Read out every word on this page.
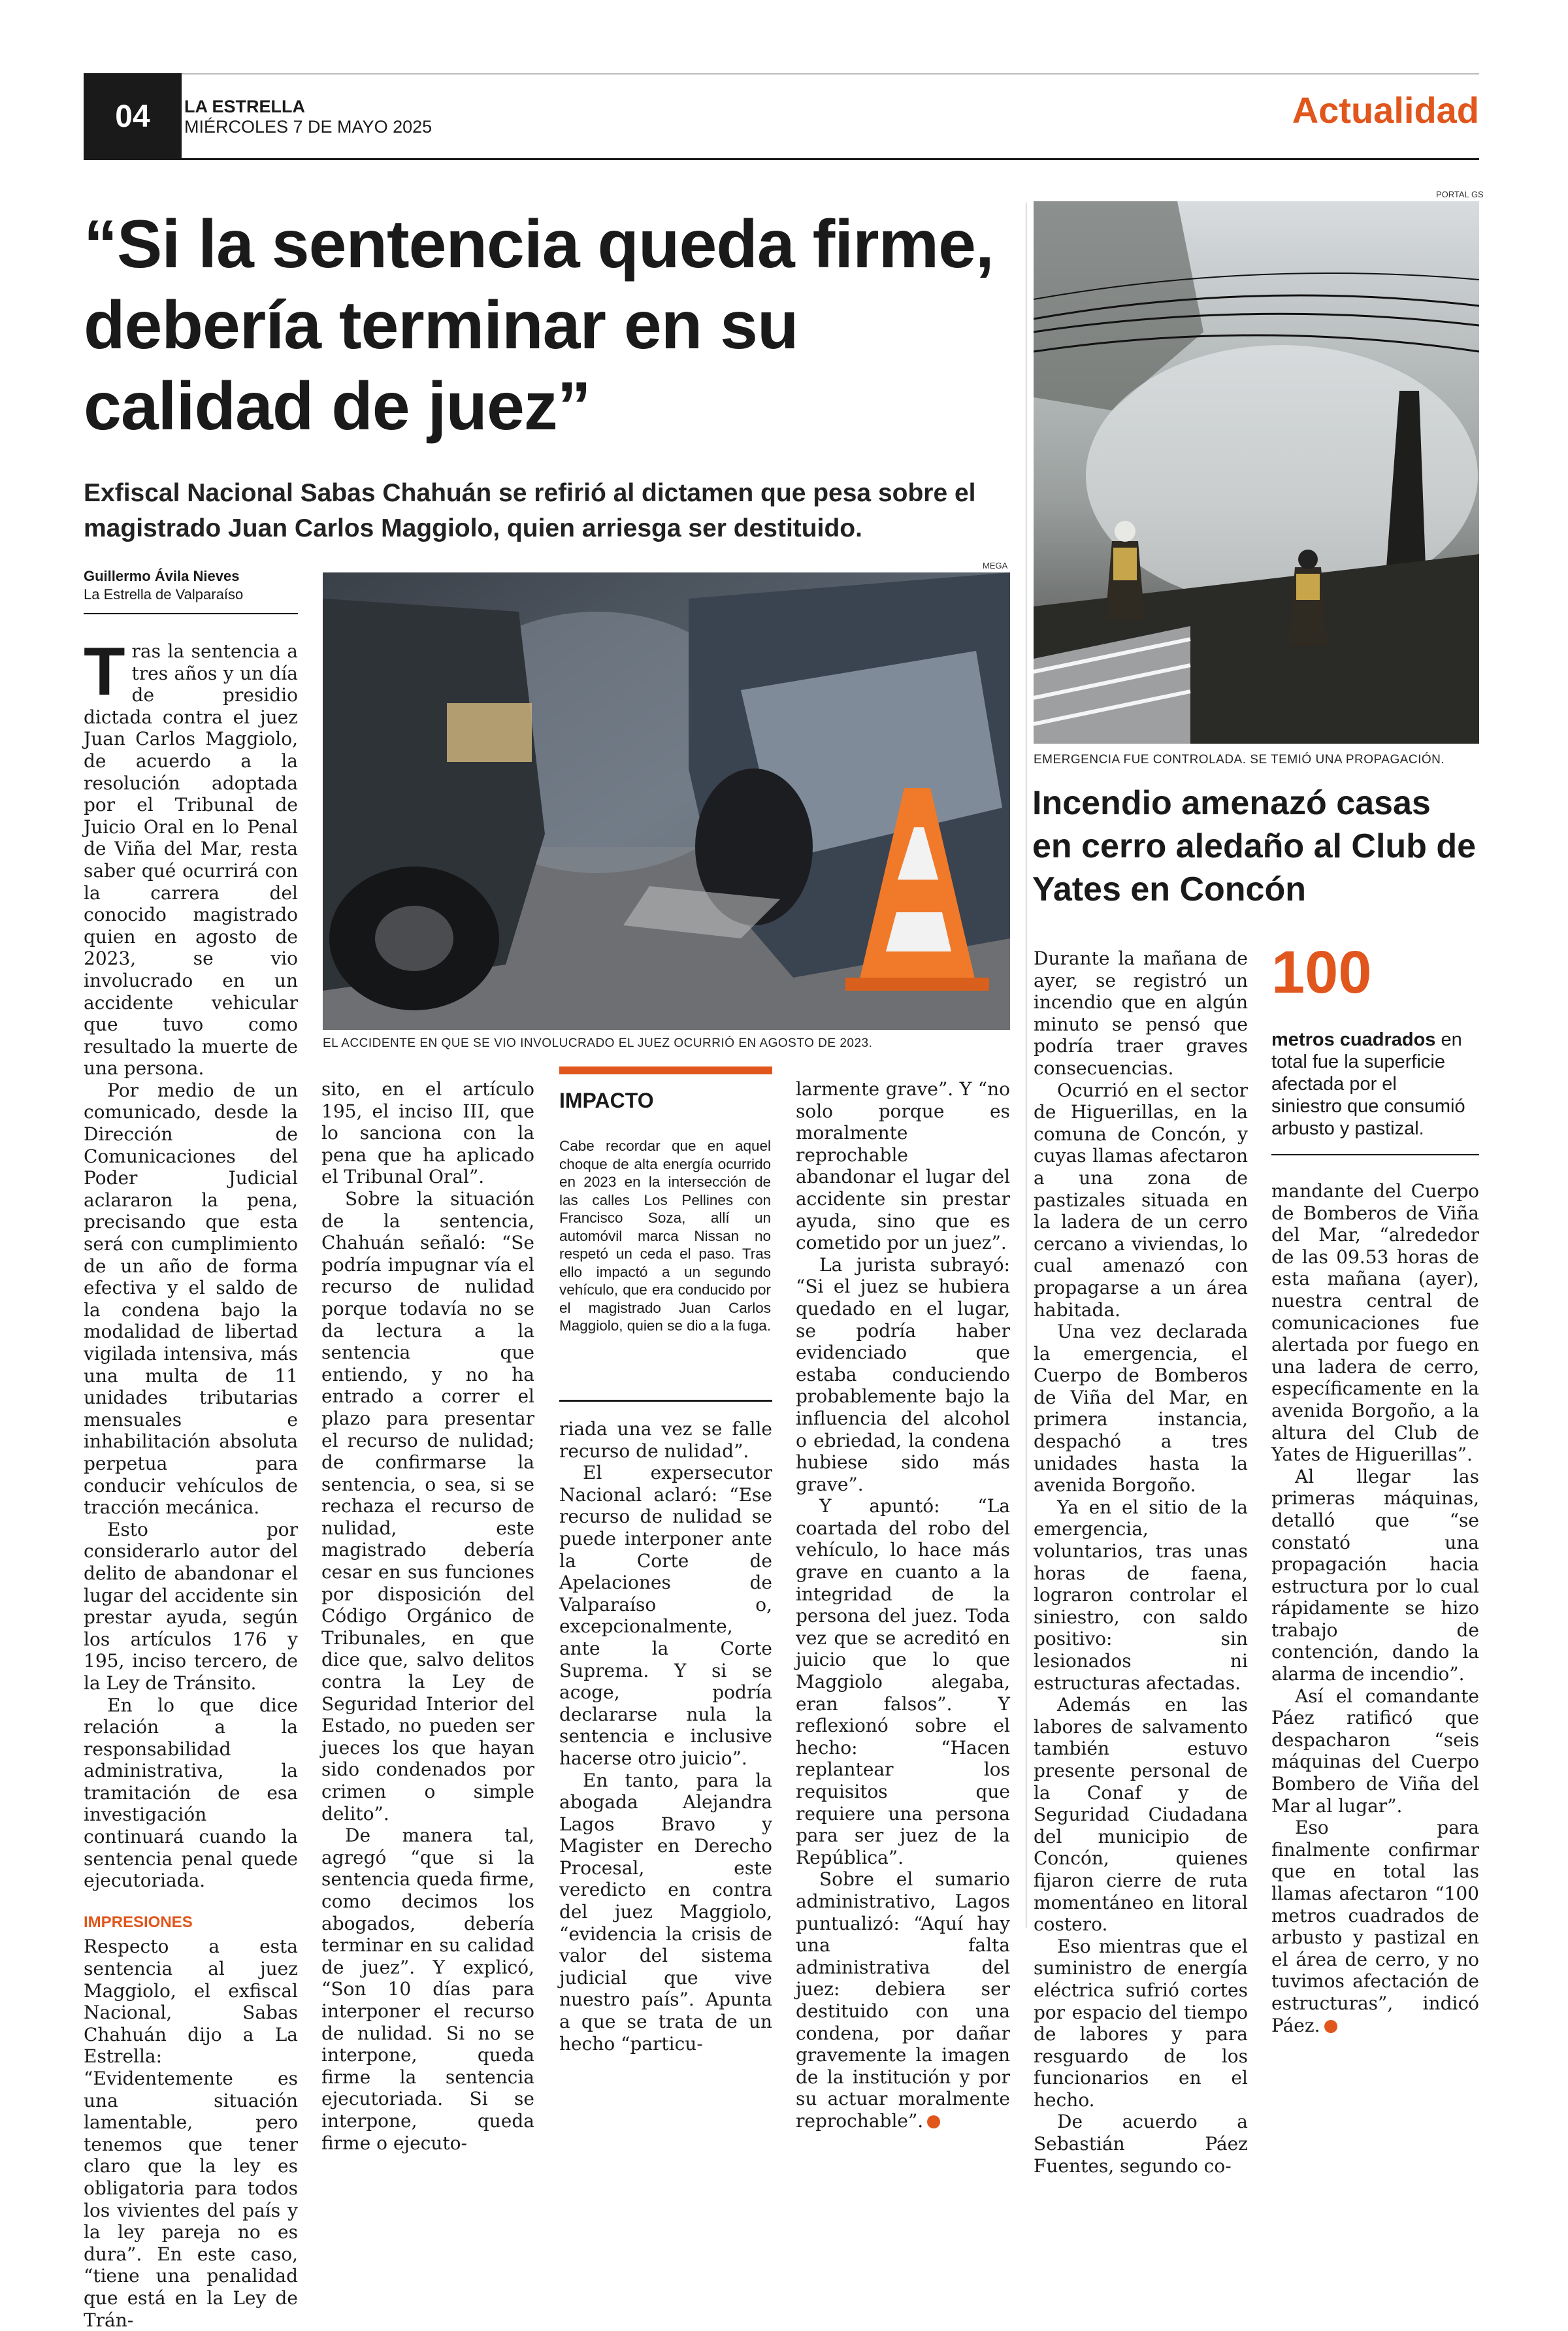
04	LA ESTRELLA
MIÉRCOLES 7 DE MAYO 2025	Actualidad
“Si la sentencia queda firme, debería terminar en su calidad de juez”

Exfiscal Nacional Sabas Chahuán se refirió al dictamen que pesa sobre el magistrado Juan Carlos Maggiolo, quien arriesga ser destituido.

Guillermo Ávila Nieves
La Estrella de Valparaíso
MEGA
EL ACCIDENTE EN QUE SE VIO INVOLUCRADO EL JUEZ OCURRIÓ EN AGOSTO DE 2023.
T ras la sentencia a tres años y un día de presidio dictada contra el juez Juan Carlos Maggiolo, de acuerdo a la resolución adoptada por el Tribunal de Juicio Oral en lo Penal de Viña del Mar, resta saber qué ocurrirá con la carrera del conocido magistrado quien en agosto de 2023, se vio involucrado en un accidente vehicular que tuvo como resultado la muerte de una persona.

Por medio de un comunicado, desde la Dirección de Comunicaciones del Poder Judicial aclararon la pena, precisando que esta será con cumplimiento de un año de forma efectiva y el saldo de la condena bajo la modalidad de libertad vigilada intensiva, más una multa de 11 unidades tributarias mensuales e inhabilitación absoluta perpetua para conducir vehículos de tracción mecánica.

Esto por considerarlo autor del delito de abandonar el lugar del accidente sin prestar ayuda, según los artículos 176 y 195, inciso tercero, de la Ley de Tránsito.

En lo que dice relación a la responsabilidad administrativa, la tramitación de esa investigación continuará cuando la sentencia penal quede ejecutoriada.

IMPRESIONES

Respecto a esta sentencia al juez Maggiolo, el exfiscal Nacional, Sabas Chahuán dijo a La Estrella: “Evidentemente es una situación lamentable, pero tenemos que tener claro que la ley es obligatoria para todos los vivientes del país y la ley pareja no es dura”. En este caso, “tiene una penalidad que está en la Ley de Trán-

sito, en el artículo 195, el inciso III, que lo sanciona con la pena que ha aplicado el Tribunal Oral”.

Sobre la situación de la sentencia, Chahuán señaló: “Se podría impugnar vía el recurso de nulidad porque todavía no se da lectura a la sentencia que entiendo, y no ha entrado a correr el plazo para presentar el recurso de nulidad; de confirmarse la sentencia, o sea, si se rechaza el recurso de nulidad, este magistrado debería cesar en sus funciones por disposición del Código Orgánico de Tribunales, en que dice que, salvo delitos contra la Ley de Seguridad Interior del Estado, no pueden ser jueces los que hayan sido condenados por crimen o simple delito”.

De manera tal, agregó “que si la sentencia queda firme, como decimos los abogados, debería terminar en su calidad de juez”. Y explicó, “Son 10 días para interponer el recurso de nulidad. Si no se interpone, queda firme la sentencia ejecutoriada. Si se interpone, queda firme o ejecuto-

IMPACTO
Cabe recordar que en aquel choque de alta energía ocurrido en 2023 en la intersección de las calles Los Pellines con Francisco Soza, allí un automóvil marca Nissan no respetó un ceda el paso. Tras ello impactó a un segundo vehículo, que era conducido por el magistrado Juan Carlos Maggiolo, quien se dio a la fuga.

riada una vez se falle recurso de nulidad”.

El expersecutor Nacional aclaró: “Ese recurso de nulidad se puede interponer ante la Corte de Apelaciones de Valparaíso o, excepcionalmente, ante la Corte Suprema. Y si se acoge, podría declararse nula la sentencia e inclusive hacerse otro juicio”.

En tanto, para la abogada Alejandra Lagos Bravo y Magister en Derecho Procesal, este veredicto en contra del juez Maggiolo, “evidencia la crisis de valor del sistema judicial que vive nuestro país”. Apunta a que se trata de un hecho “particu-

larmente grave”. Y “no solo porque es moralmente reprochable abandonar el lugar del accidente sin prestar ayuda, sino que es cometido por un juez”.

La jurista subrayó: “Si el juez se hubiera quedado en el lugar, se podría haber evidenciado que estaba conduciendo probablemente bajo la influencia del alcohol o ebriedad, la condena hubiese sido más grave”.

Y apuntó: “La coartada del robo del vehículo, lo hace más grave en cuanto a la integridad de la persona del juez. Toda vez que se acreditó en juicio que lo que Maggiolo alegaba, eran falsos”. Y reflexionó sobre el hecho: “Hacen replantear los requisitos que requiere una persona para ser juez de la República”.

Sobre el sumario administrativo, Lagos puntualizó: “Aquí hay una falta administrativa del juez: debiera ser destituido con una condena, por dañar gravemente la imagen de la institución y por su actuar moralmente reprochable”.

PORTAL GS
EMERGENCIA FUE CONTROLADA. SE TEMIÓ UNA PROPAGACIÓN.
Incendio amenazó casas en cerro aledaño al Club de Yates en Concón
100
metros cuadrados en total fue la superficie afectada por el siniestro que consumió arbusto y pastizal.

Durante la mañana de ayer, se registró un incendio que en algún minuto se pensó que podría traer graves consecuencias.

Ocurrió en el sector de Higuerillas, en la comuna de Concón, y cuyas llamas afectaron a una zona de pastizales situada en la ladera de un cerro cercano a viviendas, lo cual amenazó con propagarse a un área habitada.

Una vez declarada la emergencia, el Cuerpo de Bomberos de Viña del Mar, en primera instancia, despachó a tres unidades hasta la avenida Borgoño.

Ya en el sitio de la emergencia, voluntarios, tras unas horas de faena, lograron controlar el siniestro, con saldo positivo: sin lesionados ni estructuras afectadas.

Además en las labores de salvamento también estuvo presente personal de la Conaf y de Seguridad Ciudadana del municipio de Concón, quienes fijaron cierre de ruta momentáneo en litoral costero.

Eso mientras que el suministro de energía eléctrica sufrió cortes por espacio del tiempo de labores y para resguardo de los funcionarios en el hecho.

De acuerdo a Sebastián Páez Fuentes, segundo co-

mandante del Cuerpo de Bomberos de Viña del Mar, “alrededor de las 09.53 horas de esta mañana (ayer), nuestra central de comunicaciones fue alertada por fuego en una ladera de cerro, específicamente en la avenida Borgoño, a la altura del Club de Yates de Higuerillas”.

Al llegar las primeras máquinas, detalló que “se constató una propagación hacia estructura por lo cual rápidamente se hizo trabajo de contención, dando la alarma de incendio”.

Así el comandante Páez ratificó que despacharon “seis máquinas del Cuerpo Bombero de Viña del Mar al lugar”.

Eso para finalmente confirmar que en total las llamas afectaron “100 metros cuadrados de arbusto y pastizal en el área de cerro, y no tuvimos afectación de estructuras”, indicó Páez.
